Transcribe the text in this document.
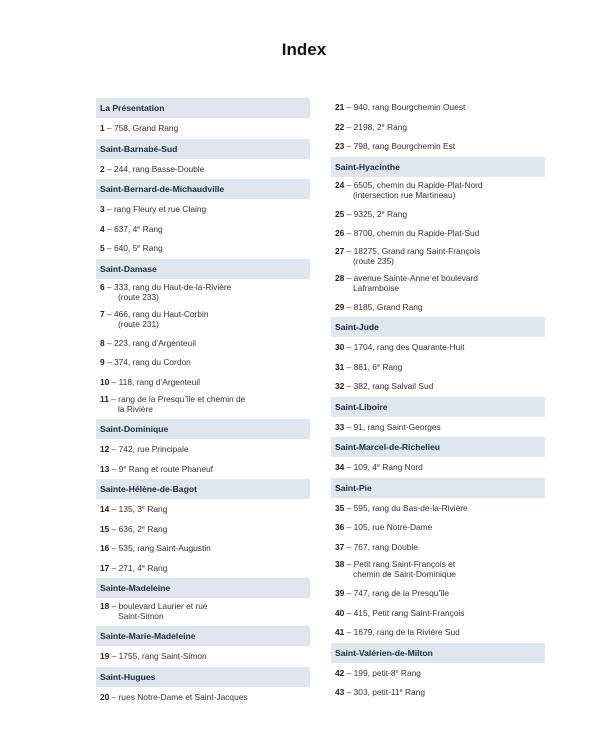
Index
La Présentation
1 – 758, Grand Rang
Saint-Barnabé-Sud
2 – 244, rang Basse-Double
Saint-Bernard-de-Michaudville
3 – rang Fleury et rue Claing
4 – 637, 4e Rang
5 – 640, 5e Rang
Saint-Damase
6 – 333, rang du Haut-de-la-Rivière
(route 233)
7 – 466, rang du Haut-Corbin
(route 231)
8 – 223, rang d’Argenteuil
9 – 374, rang du Cordon
10 – 118, rang d’Argenteuil
11 – rang de la Presqu’île et chemin de
la Rivière
Saint-Dominique
12 – 742, rue Principale
13 – 9e Rang et route Phaneuf
Sainte-Hélène-de-Bagot
14 – 135, 3e Rang
15 – 636, 2e Rang
16 – 535, rang Saint-Augustin
17 – 271, 4e Rang
Sainte-Madeleine
18 – boulevard Laurier et rue
Saint-Simon
Sainte-Marie-Madeleine
19 – 1755, rang Saint-Simon
Saint-Hugues
20 – rues Notre-Dame et Saint-Jacques
21 – 940, rang Bourgchemin Ouest
22 – 2198, 2e Rang
23 – 798, rang Bourgchemin Est
Saint-Hyacinthe
24 – 6505, chemin du Rapide-Plat-Nord
(intersection rue Martineau)
25 – 9325, 2e Rang
26 – 8700, chemin du Rapide-Plat-Sud
27 – 18275, Grand rang Saint-François
(route 235)
28 – avenue Sainte-Anne et boulevard
Laframboise
29 – 8185, Grand Rang
Saint-Jude
30 – 1704, rang des Quarante-Huit
31 – 881, 6e Rang
32 – 382, rang Salvail Sud
Saint-Liboire
33 – 91, rang Saint-Georges
Saint-Marcel-de-Richelieu
34 – 109, 4e Rang Nord
Saint-Pie
35 – 595, rang du Bas-de-la-Rivière
36 – 105, rue Notre-Dame
37 – 767, rang Double
38 – Petit rang Saint-François et
chemin de Saint-Dominique
39 – 747, rang de la Presqu’île
40 – 415, Petit rang Saint-François
41 – 1679, rang de la Rivière Sud
Saint-Valérien-de-Milton
42 – 199, petit-8e Rang
43 – 303, petit-11e Rang
